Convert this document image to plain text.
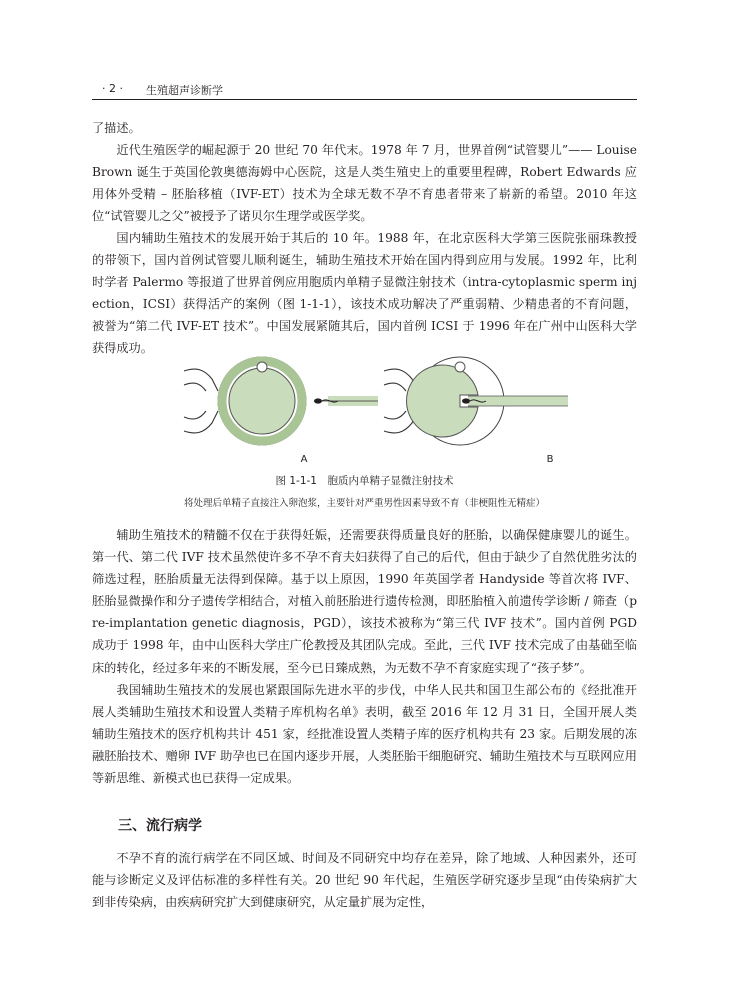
· 2 · 生殖超声诊断学

了描述。

近代生殖医学的崛起源于 20 世纪 70 年代末。1978 年 7 月，世界首例“试管婴儿”—— Louise Brown 诞生于英国伦敦奥德海姆中心医院，这是人类生殖史上的重要里程碑，Robert Edwards 应用体外受精 – 胚胎移植（IVF-ET）技术为全球无数不孕不育患者带来了崭新的希望。2010 年这位“试管婴儿之父”被授予了诺贝尔生理学或医学奖。

国内辅助生殖技术的发展开始于其后的 10 年。1988 年，在北京医科大学第三医院张丽珠教授的带领下，国内首例试管婴儿顺利诞生，辅助生殖技术开始在国内得到应用与发展。1992 年，比利时学者 Palermo 等报道了世界首例应用胞质内单精子显微注射技术（intra-cytoplasmic sperm injection，ICSI）获得活产的案例（图 1-1-1），该技术成功解决了严重弱精、少精患者的不育问题，被誉为“第二代 IVF-ET 技术”。中国发展紧随其后，国内首例 ICSI 于 1996 年在广州中山医科大学获得成功。

A	B
图 1-1-1　胞质内单精子显微注射技术
将处理后单精子直接注入卵泡浆，主要针对严重男性因素导致不育（非梗阻性无精症）

辅助生殖技术的精髓不仅在于获得妊娠，还需要获得质量良好的胚胎，以确保健康婴儿的诞生。第一代、第二代 IVF 技术虽然使许多不孕不育夫妇获得了自己的后代，但由于缺少了自然优胜劣汰的筛选过程，胚胎质量无法得到保障。基于以上原因，1990 年英国学者 Handyside 等首次将 IVF、胚胎显微操作和分子遗传学相结合，对植入前胚胎进行遗传检测，即胚胎植入前遗传学诊断 / 筛查（pre-implantation genetic diagnosis，PGD），该技术被称为“第三代 IVF 技术”。国内首例 PGD 成功于 1998 年，由中山医科大学庄广伦教授及其团队完成。至此，三代 IVF 技术完成了由基础至临床的转化，经过多年来的不断发展，至今已日臻成熟，为无数不孕不育家庭实现了“孩子梦”。

我国辅助生殖技术的发展也紧跟国际先进水平的步伐，中华人民共和国卫生部公布的《经批准开展人类辅助生殖技术和设置人类精子库机构名单》表明，截至 2016 年 12 月 31 日，全国开展人类辅助生殖技术的医疗机构共计 451 家，经批准设置人类精子库的医疗机构共有 23 家。后期发展的冻融胚胎技术、赠卵 IVF 助孕也已在国内逐步开展，人类胚胎干细胞研究、辅助生殖技术与互联网应用等新思维、新模式也已获得一定成果。

三、流行病学

不孕不育的流行病学在不同区域、时间及不同研究中均存在差异，除了地域、人种因素外，还可能与诊断定义及评估标准的多样性有关。20 世纪 90 年代起，生殖医学研究逐步呈现“由传染病扩大到非传染病，由疾病研究扩大到健康研究，从定量扩展为定性，
